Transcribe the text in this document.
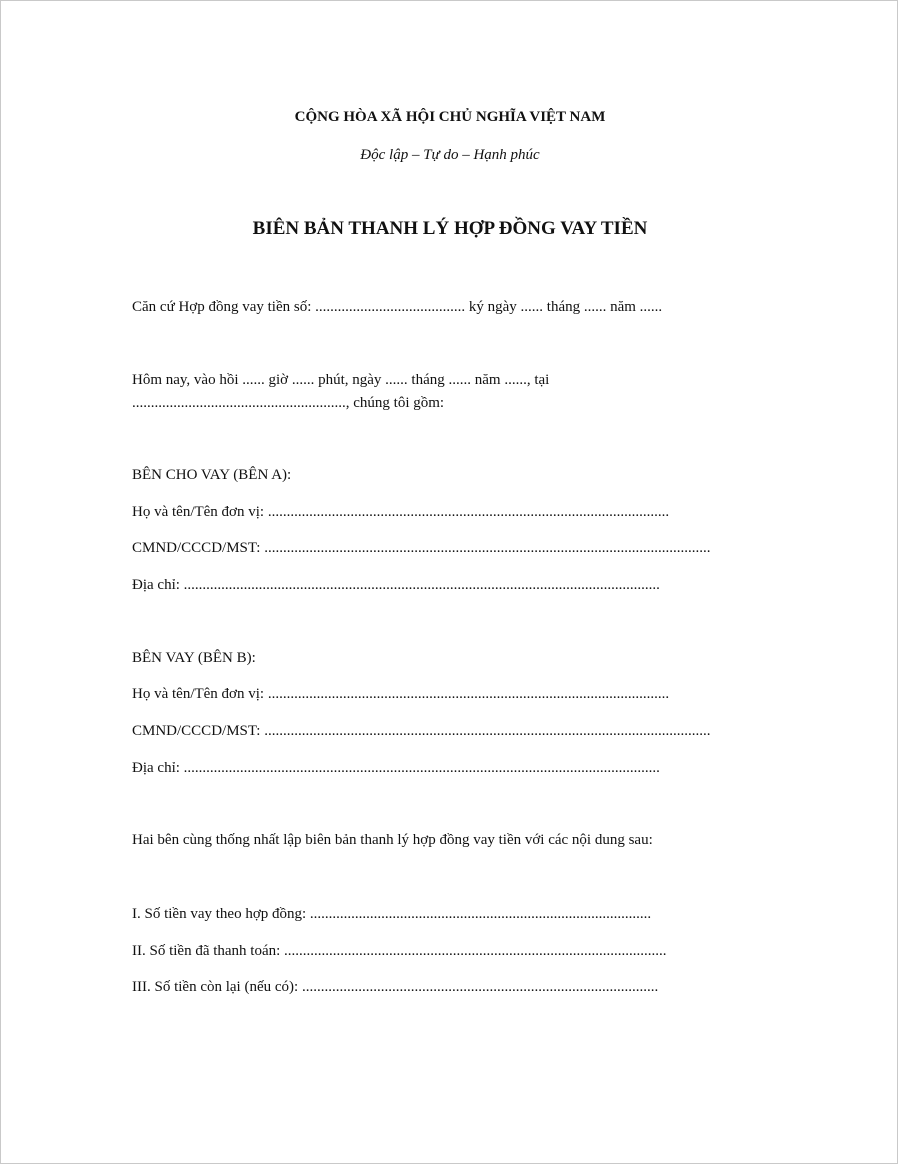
CỘNG HÒA XÃ HỘI CHỦ NGHĨA VIỆT NAM
Độc lập – Tự do – Hạnh phúc
BIÊN BẢN THANH LÝ HỢP ĐỒNG VAY TIỀN
Căn cứ Hợp đồng vay tiền số: ........................................ ký ngày ...... tháng ...... năm ......
Hôm nay, vào hồi ...... giờ ...... phút, ngày ...... tháng ...... năm ......, tại
........................................................., chúng tôi gồm:
BÊN CHO VAY (BÊN A):
Họ và tên/Tên đơn vị: ...........................................................................................................
CMND/CCCD/MST: .......................................................................................................................
Địa chỉ: ...............................................................................................................................
BÊN VAY (BÊN B):
Họ và tên/Tên đơn vị: ...........................................................................................................
CMND/CCCD/MST: .......................................................................................................................
Địa chỉ: ...............................................................................................................................
Hai bên cùng thống nhất lập biên bản thanh lý hợp đồng vay tiền với các nội dung sau:
I. Số tiền vay theo hợp đồng: ...........................................................................................
II. Số tiền đã thanh toán: ......................................................................................................
III. Số tiền còn lại (nếu có): ...............................................................................................
